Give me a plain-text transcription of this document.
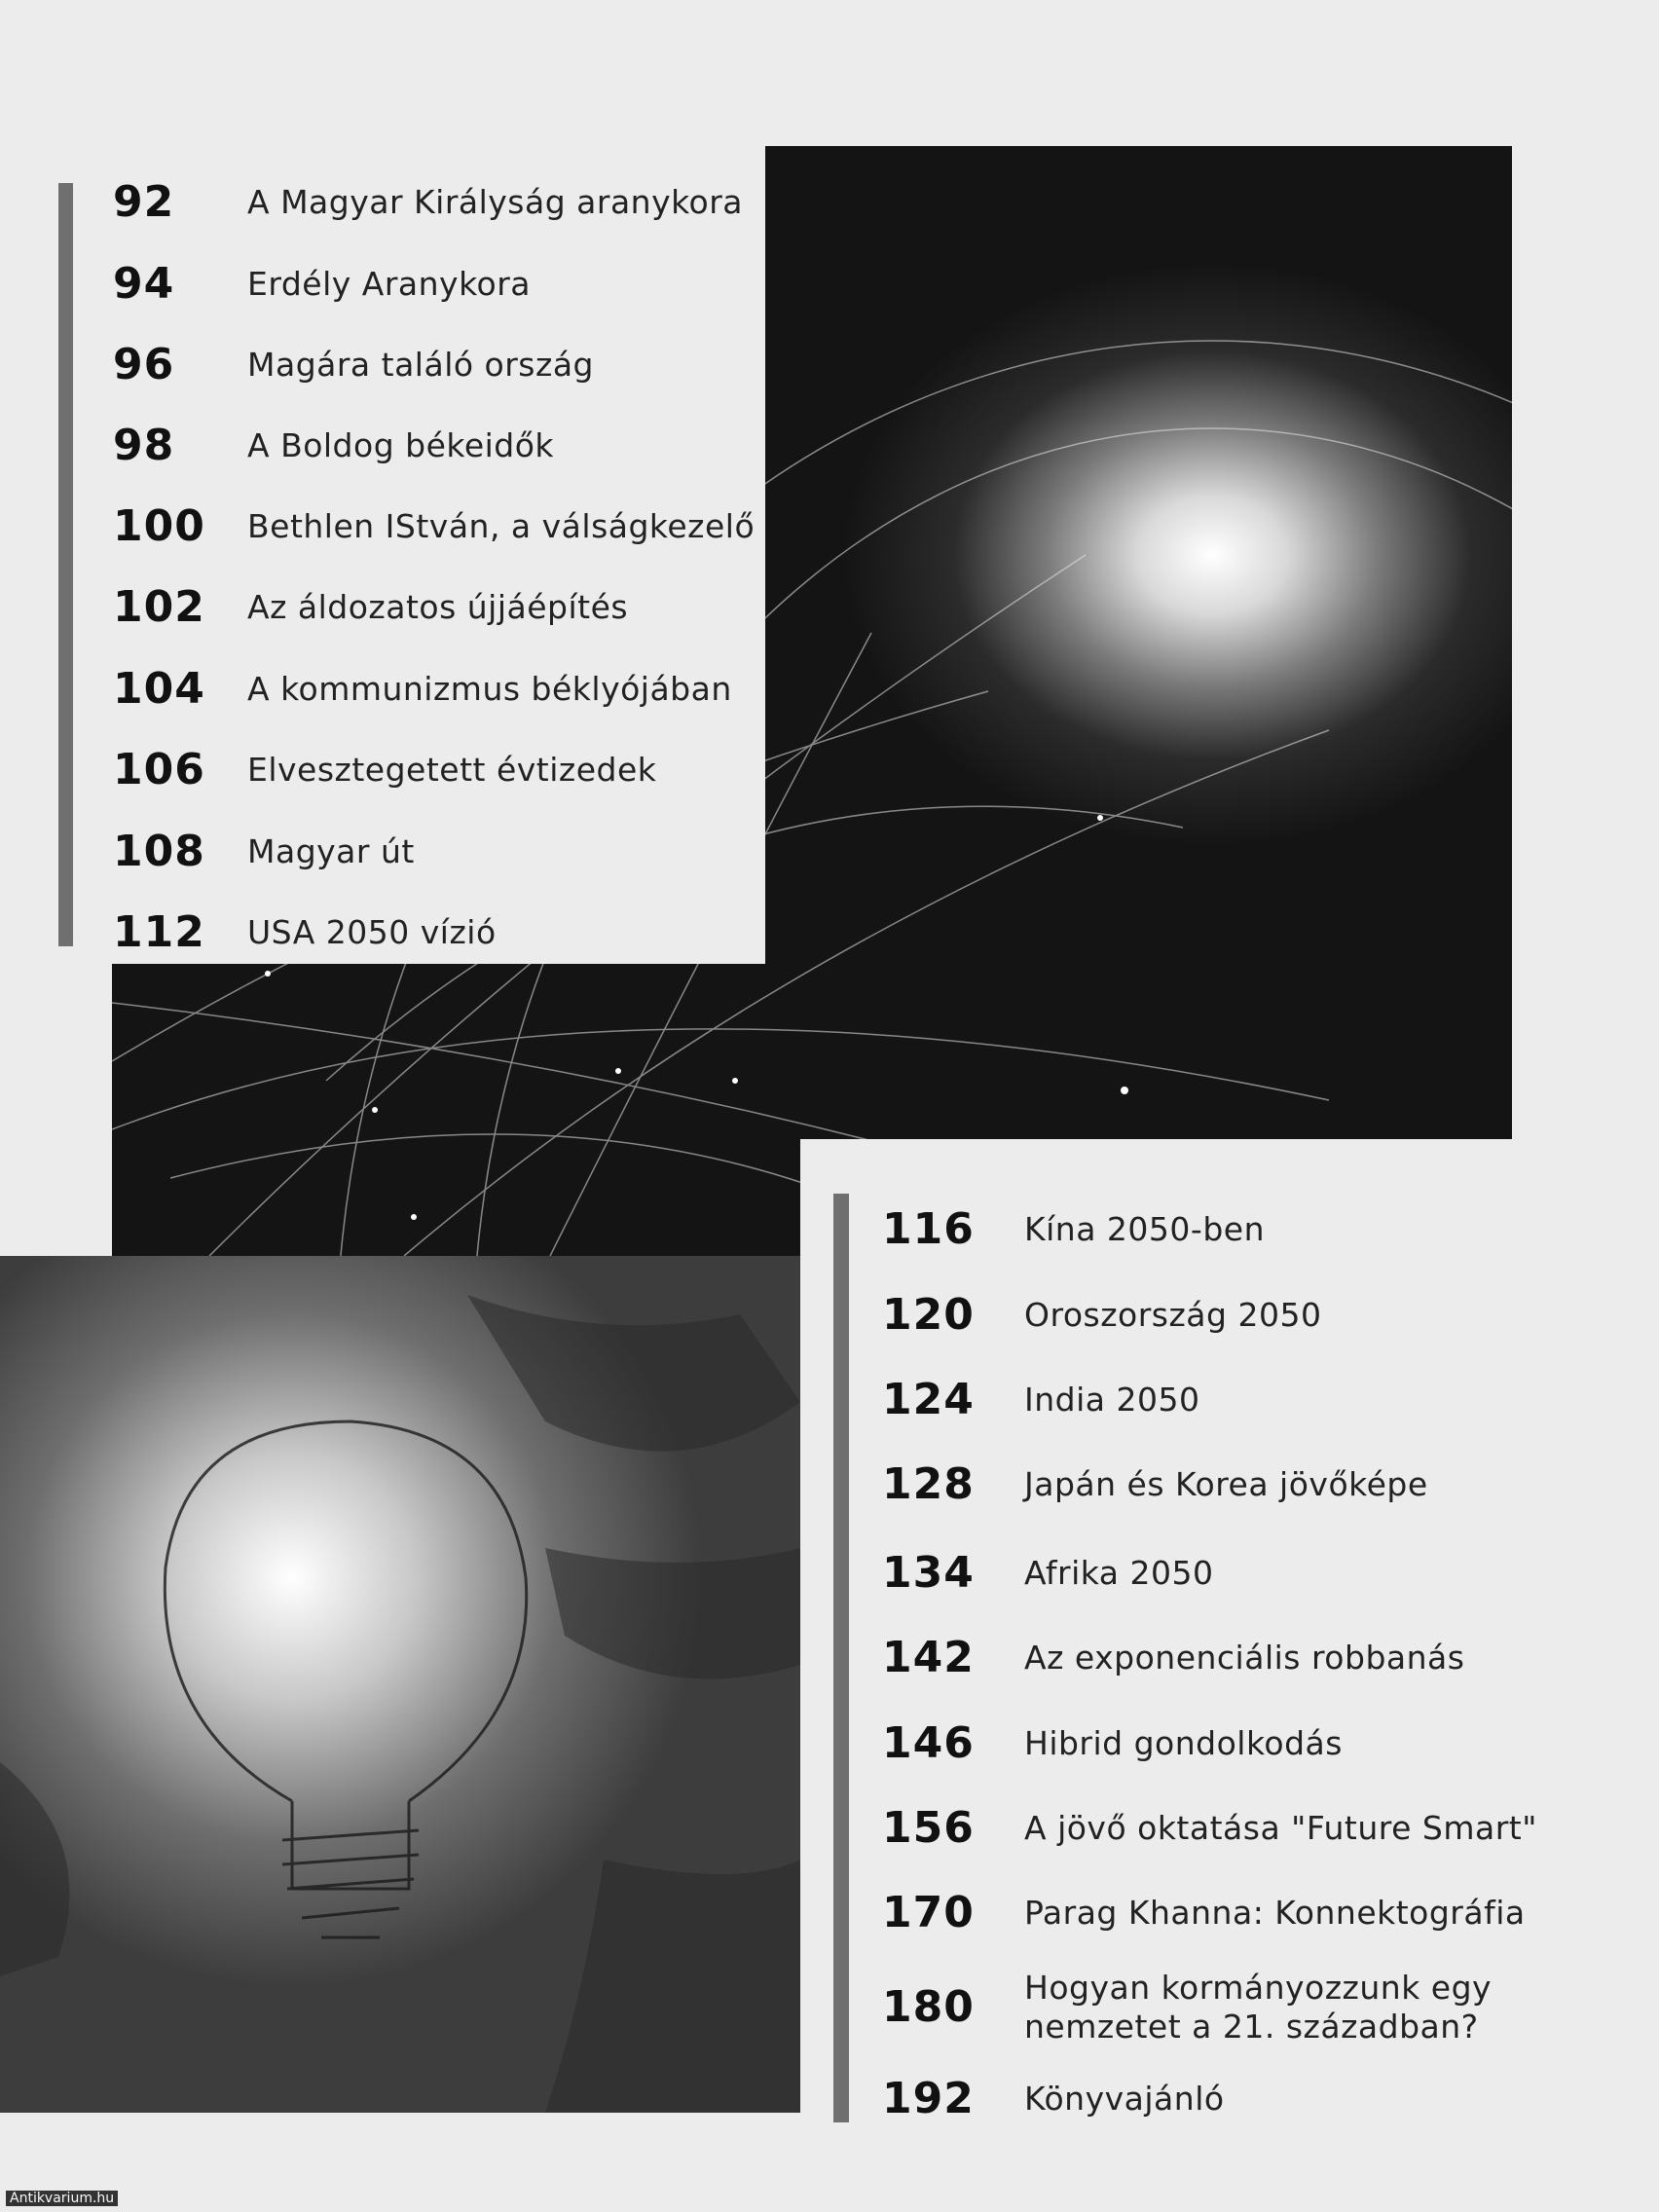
92	A Magyar Királyság aranykora
94	Erdély Aranykora
96	Magára találó ország
98	A Boldog békeidők
100	Bethlen IStván, a válságkezelő
102	Az áldozatos újjáépítés
104	A kommunizmus béklyójában
106	Elvesztegetett évtizedek
108	Magyar út
112	USA 2050 vízió
116	Kína 2050-ben
120	Oroszország 2050
124	India 2050
128	Japán és Korea jövőképe
134	Afrika 2050
142	Az exponenciális robbanás
146	Hibrid gondolkodás
156	A jövő oktatása "Future Smart"
170	Parag Khanna: Konnektográfia
180	Hogyan kormányozzunk egy nemzetet a 21. században?
192	Könyvajánló
Antikvarium.hu
